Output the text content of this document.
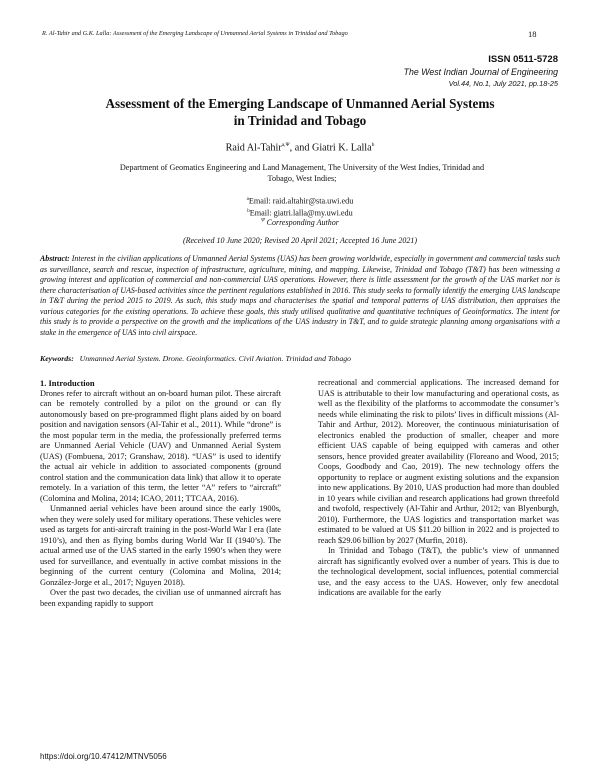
R. Al-Tahir and G.K. Lalla: Assessment of the Emerging Landscape of Unmanned Aerial Systems in Trinidad and Tobago	18
ISSN 0511-5728
The West Indian Journal of Engineering
Vol.44, No.1, July 2021, pp.18-25
Assessment of the Emerging Landscape of Unmanned Aerial Systems
in Trinidad and Tobago
Raid Al-Tahir$^{a,\Psi}$, and Giatri K. Lalla$^b$
Department of Geomatics Engineering and Land Management, The University of the West Indies, Trinidad and
Tobago, West Indies;
$^a$Email: raid.altahir@sta.uwi.edu
$^b$Email: giatri.lalla@my.uwi.edu
$^\Psi$ Corresponding Author
(Received 10 June 2020; Revised 20 April 2021; Accepted 16 June 2021)
Abstract: Interest in the civilian applications of Unmanned Aerial Systems (UAS) has been growing worldwide, especially in government and commercial tasks such as surveillance, search and rescue, inspection of infrastructure, agriculture, mining, and mapping. Likewise, Trinidad and Tobago (T&T) has been witnessing a growing interest and application of commercial and non-commercial UAS operations. However, there is little assessment for the growth of the UAS market nor is there characterisation of UAS-based activities since the pertinent regulations established in 2016. This study seeks to formally identify the emerging UAS landscape in T&T during the period 2015 to 2019. As such, this study maps and characterises the spatial and temporal patterns of UAS distribution, then appraises the various categories for the existing operations. To achieve these goals, this study utilised qualitative and quantitative techniques of Geoinformatics. The intent for this study is to provide a perspective on the growth and the implications of the UAS industry in T&T, and to guide strategic planning among organisations with a stake in the emergence of UAS into civil airspace.
Keywords: Unmanned Aerial System. Drone. Geoinformatics. Civil Aviation. Trinidad and Tobago
1. Introduction

Drones refer to aircraft without an on-board human pilot. These aircraft can be remotely controlled by a pilot on the ground or can fly autonomously based on pre-programmed flight plans aided by on board position and navigation sensors (Al-Tahir et al., 2011). While “drone” is the most popular term in the media, the professionally preferred terms are Unmanned Aerial Vehicle (UAV) and Unmanned Aerial System (UAS) (Fombuena, 2017; Granshaw, 2018). “UAS” is used to identify the actual air vehicle in addition to associated components (ground control station and the communication data link) that allow it to operate remotely. In a variation of this term, the letter “A” refers to “aircraft” (Colomina and Molina, 2014; ICAO, 2011; TTCAA, 2016).

Unmanned aerial vehicles have been around since the early 1900s, when they were solely used for military operations. These vehicles were used as targets for anti-aircraft training in the post-World War I era (late 1910’s), and then as flying bombs during World War II (1940’s). The actual armed use of the UAS started in the early 1990’s when they were used for surveillance, and eventually in active combat missions in the beginning of the current century (Colomina and Molina, 2014; González-Jorge et al., 2017; Nguyen 2018).

Over the past two decades, the civilian use of unmanned aircraft has been expanding rapidly to support

recreational and commercial applications. The increased demand for UAS is attributable to their low manufacturing and operational costs, as well as the flexibility of the platforms to accommodate the consumer’s needs while eliminating the risk to pilots’ lives in difficult missions (Al-Tahir and Arthur, 2012). Moreover, the continuous miniaturisation of electronics enabled the production of smaller, cheaper and more efficient UAS capable of being equipped with cameras and other sensors, hence provided greater availability (Floreano and Wood, 2015; Coops, Goodbody and Cao, 2019). The new technology offers the opportunity to replace or augment existing solutions and the expansion into new applications. By 2010, UAS production had more than doubled in 10 years while civilian and research applications had grown threefold and twofold, respectively (Al-Tahir and Arthur, 2012; van Blyenburgh, 2010). Furthermore, the UAS logistics and transportation market was estimated to be valued at US $11.20 billion in 2022 and is projected to reach $29.06 billion by 2027 (Murfin, 2018).

In Trinidad and Tobago (T&T), the public’s view of unmanned aircraft has significantly evolved over a number of years. This is due to the technological development, social influences, potential commercial use, and the easy access to the UAS. However, only few anecdotal indications are available for the early

https://doi.org/10.47412/MTNV5056
